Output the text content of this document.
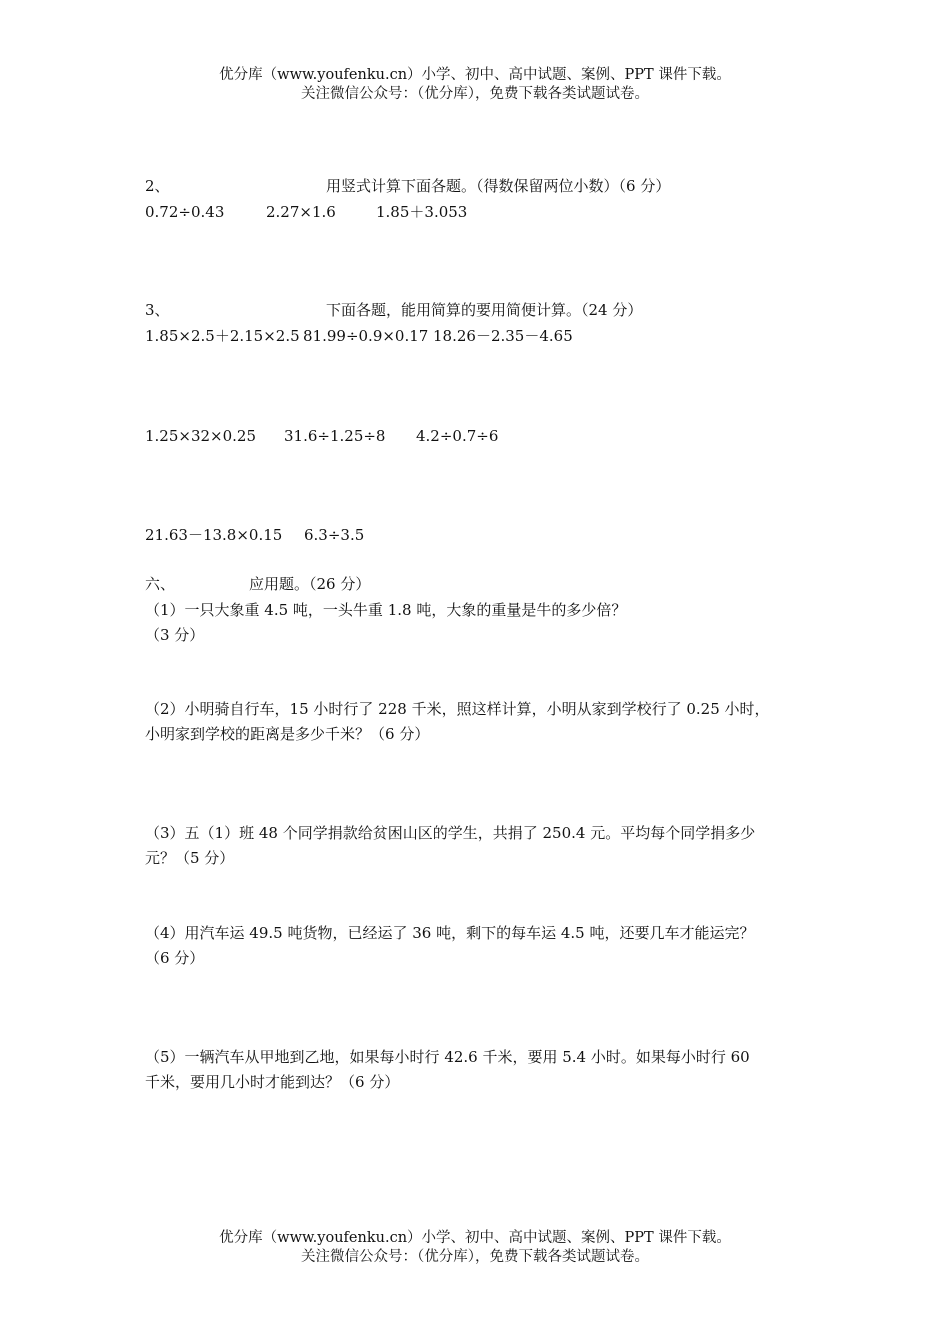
优分库（www.youfenku.cn）小学、初中、高中试题、案例、PPT 课件下载。
关注微信公众号：（优分库），免费下载各类试题试卷。
2、	用竖式计算下面各题。（得数保留两位小数）（6 分）
0.72÷0.43	2.27×1.6	1.85＋3.053
3、	下面各题，能用简算的要用简便计算。（24 分）
1.85×2.5＋2.15×2.5 81.99÷0.9×0.17 18.26－2.35－4.65
1.25×32×0.25 31.6÷1.25÷8 4.2÷0.7÷6
21.63－13.8×0.15 6.3÷3.5
六、	应用题。（26 分）
（1）一只大象重 4.5 吨，一头牛重 1.8 吨，大象的重量是牛的多少倍？
（3 分）
（2）小明骑自行车，15 小时行了 228 千米，照这样计算，小明从家到学校行了 0.25 小时，
小明家到学校的距离是多少千米？（6 分）
（3）五（1）班 48 个同学捐款给贫困山区的学生，共捐了 250.4 元。平均每个同学捐多少
元？（5 分）
（4）用汽车运 49.5 吨货物，已经运了 36 吨，剩下的每车运 4.5 吨，还要几车才能运完？
（6 分）
（5）一辆汽车从甲地到乙地，如果每小时行 42.6 千米，要用 5.4 小时。如果每小时行 60
千米，要用几小时才能到达？（6 分）
优分库（www.youfenku.cn）小学、初中、高中试题、案例、PPT 课件下载。
关注微信公众号：（优分库），免费下载各类试题试卷。
